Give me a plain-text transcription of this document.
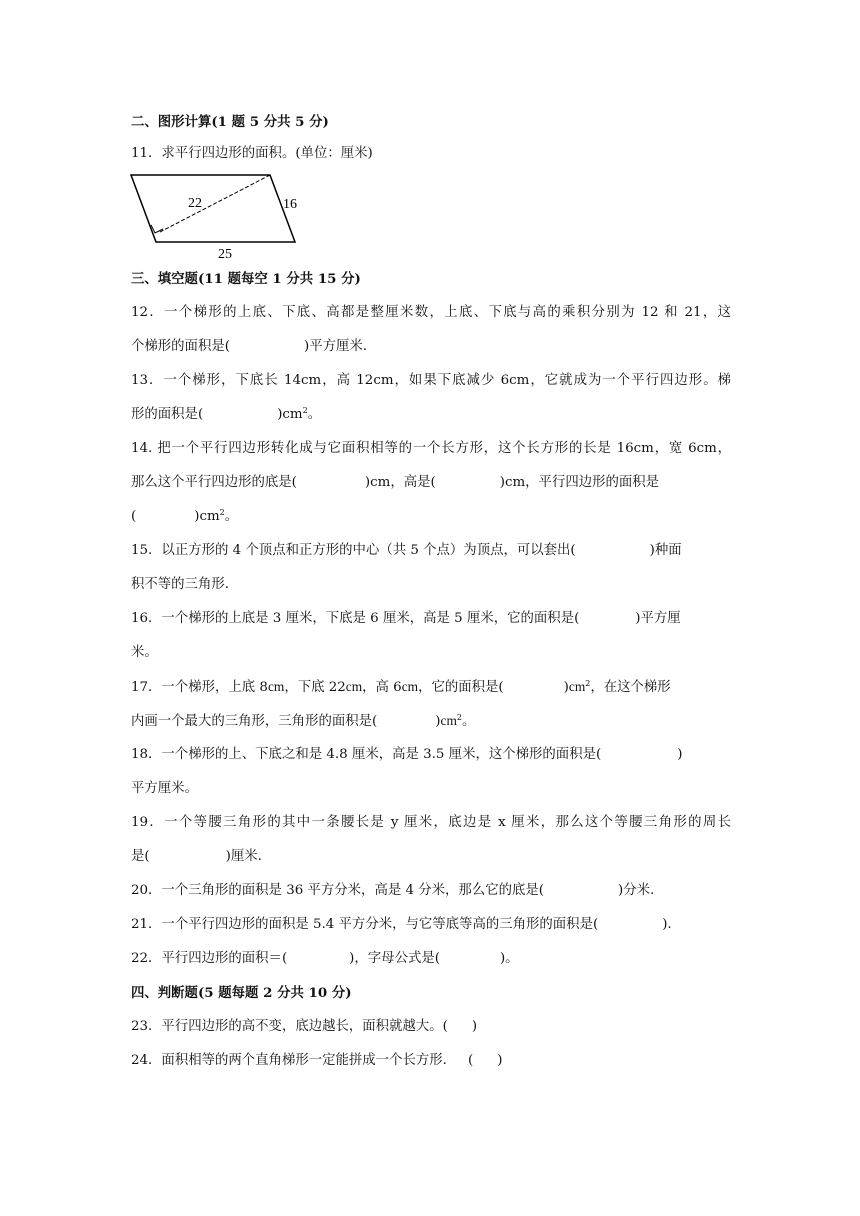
二、图形计算(1 题 5 分共 5 分)
11．求平行四边形的面积。(单位：厘米)
22	16
25
三、填空题(11 题每空 1 分共 15 分)
12．一个梯形的上底、下底、高都是整厘米数，上底、下底与高的乘积分别为 12 和 21，这
个梯形的面积是(	)平方厘米.
13．一个梯形，下底长 14cm，高 12cm，如果下底减少 6cm，它就成为一个平行四边形。梯
形的面积是(	)$cm^2$。
14. 把一个平行四边形转化成与它面积相等的一个长方形，这个长方形的长是 16cm，宽 6cm，
那么这个平行四边形的底是(	)cm，高是(	)cm，平行四边形的面积是
(	)$cm^2$。
15．以正方形的 4 个顶点和正方形的中心（共 5 个点）为顶点，可以套出(	)种面
积不等的三角形.
16．一个梯形的上底是 3 厘米，下底是 6 厘米，高是 5 厘米，它的面积是(	)平方厘
米。
17．一个梯形，上底 8cm，下底 22cm，高 6cm，它的面积是(	)$cm^2$，在这个梯形
内画一个最大的三角形，三角形的面积是(	)$cm^2$。
18．一个梯形的上、下底之和是 4.8 厘米，高是 3.5 厘米，这个梯形的面积是(	)
平方厘米。
19．一个等腰三角形的其中一条腰长是 y 厘米，底边是 x 厘米，那么这个等腰三角形的周长
是(	)厘米.
20．一个三角形的面积是 36 平方分米，高是 4 分米，那么它的底是(	)分米.
21．一个平行四边形的面积是 5.4 平方分米，与它等底等高的三角形的面积是(	).
22．平行四边形的面积＝(	)，字母公式是(	)。
四、判断题(5 题每题 2 分共 10 分)
23．平行四边形的高不变，底边越长，面积就越大。( )
24．面积相等的两个直角梯形一定能拼成一个长方形． ( )
